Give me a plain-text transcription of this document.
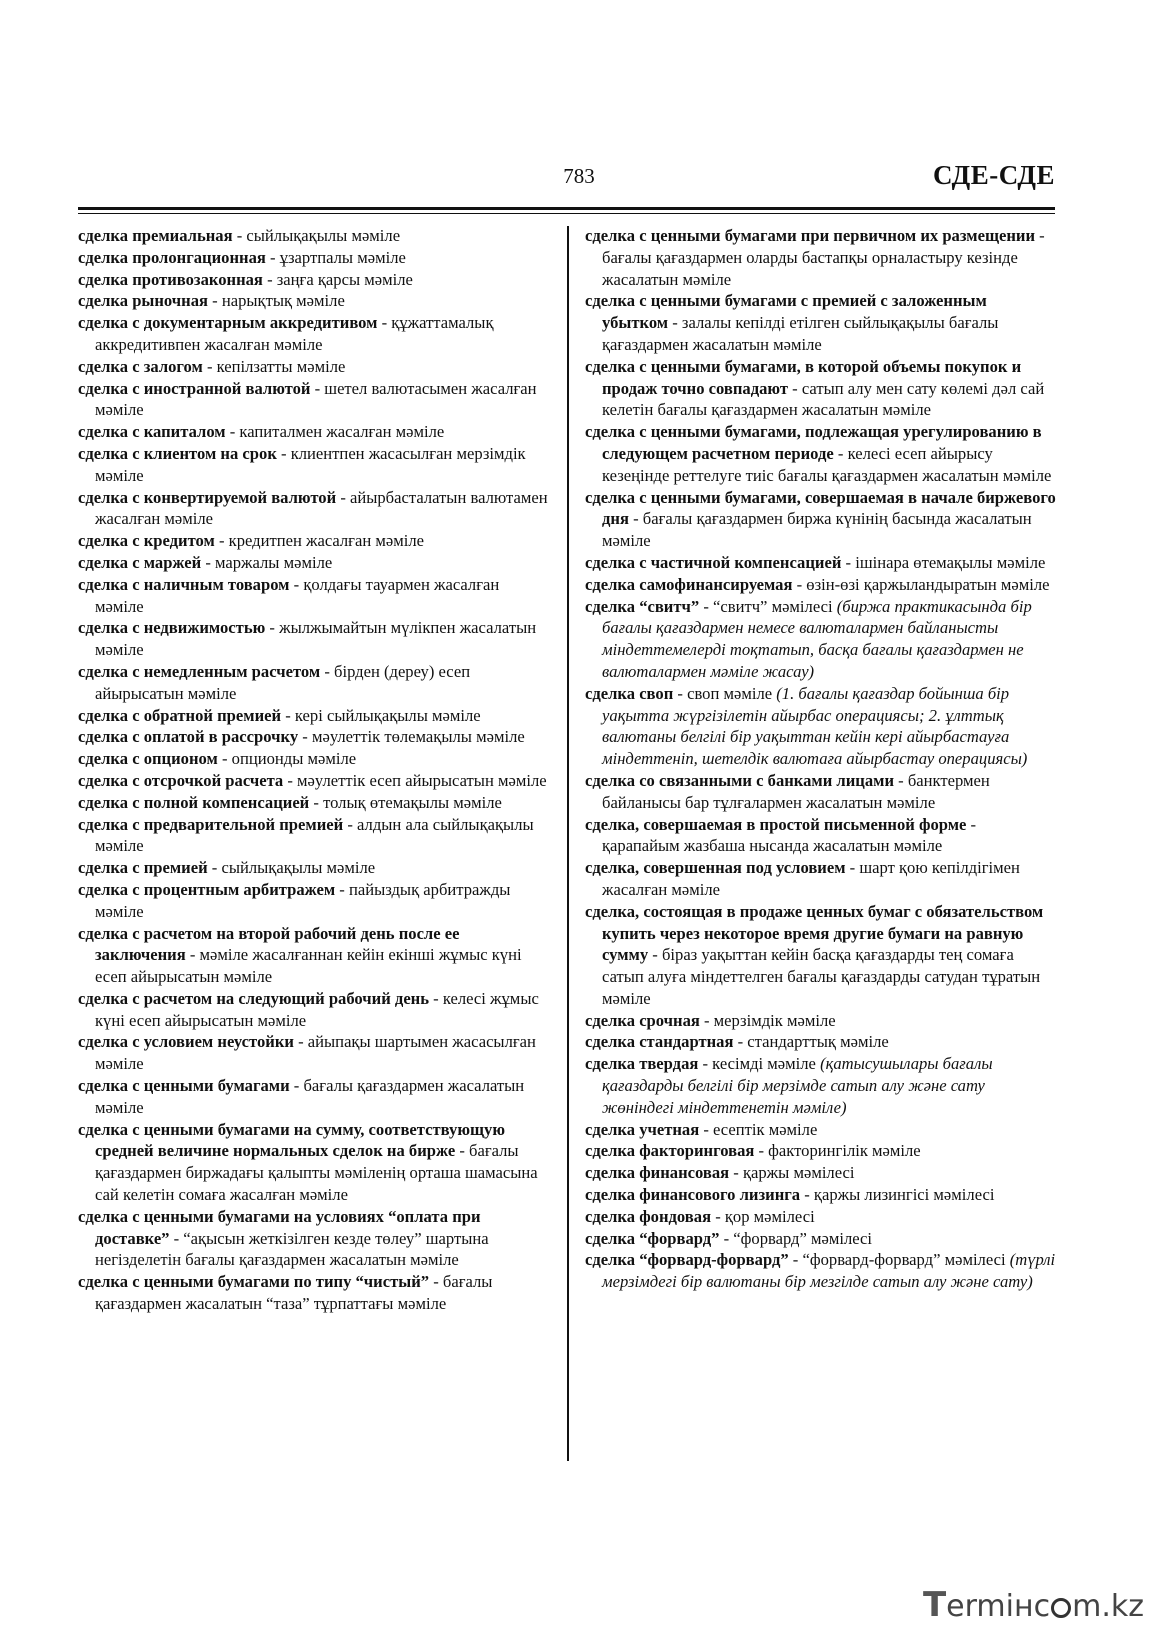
783	СДЕ-СДЕ
сделка премиальная - сыйлықақылы мәміле
сделка пролонгационная - ұзартпалы мәміле
сделка противозаконная - заңға қарсы мәміле
сделка рыночная - нарықтық мәміле
сделка с документарным аккредитивом - құжаттамалық аккредитивпен жасалған мәміле
сделка с залогом - кепілзатты мәміле
сделка с иностранной валютой - шетел валютасымен жасалған мәміле
сделка с капиталом - капиталмен жасалған мәміле
сделка с клиентом на срок - клиентпен жасасылған мерзімдік мәміле
сделка с конвертируемой валютой - айырбасталатын валютамен жасалған мәміле
сделка с кредитом - кредитпен жасалған мәміле
сделка с маржей - маржалы мәміле
сделка с наличным товаром - қолдағы тауармен жасалған мәміле
сделка с недвижимостью - жылжымайтын мүлікпен жасалатын мәміле
сделка с немедленным расчетом - бірден (дереу) есеп айырысатын мәміле
сделка с обратной премией - кері сыйлықақылы мәміле
сделка с оплатой в рассрочку - мәулеттік төлемақылы мәміле
сделка с опционом - опционды мәміле
сделка с отсрочкой расчета - мәулеттік есеп айырысатын мәміле
сделка с полной компенсацией - толық өтемақылы мәміле
сделка с предварительной премией - алдын ала сыйлықақылы мәміле
сделка с премией - сыйлықақылы мәміле
сделка с процентным арбитражем - пайыздық арбитражды мәміле
сделка с расчетом на второй рабочий день после ее заключения - мәміле жасалғаннан кейін екінші жұмыс күні есеп айырысатын мәміле
сделка с расчетом на следующий рабочий день - келесі жұмыс күні есеп айырысатын мәміле
сделка с условием неустойки - айыпақы шартымен жасасылған мәміле
сделка с ценными бумагами - бағалы қағаздармен жасалатын мәміле
сделка с ценными бумагами на сумму, соответствующую средней величине нормальных сделок на бирже - бағалы қағаздармен биржадағы қалыпты мәміленің орташа шамасына сай келетін сомаға жасалған мәміле
сделка с ценными бумагами на условиях “оплата при доставке” - “ақысын жеткізілген кезде төлеу” шартына негізделетін бағалы қағаздармен жасалатын мәміле
сделка с ценными бумагами по типу “чистый” - бағалы қағаздармен жасалатын “таза” тұрпаттағы мәміле
сделка с ценными бумагами при первичном их размещении - бағалы қағаздармен оларды бастапқы орналастыру кезінде жасалатын мәміле
сделка с ценными бумагами с премией с заложенным убытком - залалы кепілді етілген сыйлықақылы бағалы қағаздармен жасалатын мәміле
сделка с ценными бумагами, в которой объемы покупок и продаж точно совпадают - сатып алу мен сату көлемі дәл сай келетін бағалы қағаздармен жасалатын мәміле
сделка с ценными бумагами, подлежащая урегулированию в следующем расчетном периоде - келесі есеп айырысу кезеңінде реттелуге тиіс бағалы қағаздармен жасалатын мәміле
сделка с ценными бумагами, совершаемая в начале биржевого дня - бағалы қағаздармен биржа күнінің басында жасалатын мәміле
сделка с частичной компенсацией - ішінара өтемақылы мәміле
сделка самофинансируемая - өзін-өзі қаржыландыратын мәміле
сделка “свитч” - “свитч” мәмілесі (биржа практикасында бір бағалы қағаздармен немесе валюталармен байланысты міндеттемелерді тоқтатып, басқа бағалы қағаздармен не валюталармен мәміле жасау)
сделка своп - своп мәміле (1. бағалы қағаздар бойынша бір уақытта жүргізілетін айырбас операциясы; 2. ұлттық валютаны белгілі бір уақыттан кейін кері айырбастауға міндеттеніп, шетелдік валютаға айырбастау операциясы)
сделка со связанными с банками лицами - банктермен байланысы бар тұлғалармен жасалатын мәміле
сделка, совершаемая в простой письменной форме - қарапайым жазбаша нысанда жасалатын мәміле
сделка, совершенная под условием - шарт қою кепілдігімен жасалған мәміле
сделка, состоящая в продаже ценных бумаг с обязательством купить через некоторое время другие бумаги на равную сумму - біраз уақыттан кейін басқа қағаздарды тең сомаға сатып алуға міндеттелген бағалы қағаздарды сатудан тұратын мәміле
сделка срочная - мерзімдік мәміле
сделка стандартная - стандарттық мәміле
сделка твердая - кесімді мәміле (қатысушылары бағалы қағаздарды белгілі бір мерзімде сатып алу және сату жөніндегі міндеттенетін мәміле)
сделка учетная - есептік мәміле
сделка факторинговая - факторингілік мәміле
сделка финансовая - қаржы мәмілесі
сделка финансового лизинга - қаржы лизингісі мәмілесі
сделка фондовая - қор мәмілесі
сделка “форвард” - “форвард” мәмілесі
сделка “форвард-форвард” - “форвард-форвард” мәмілесі (түрлі мерзімдегі бір валютаны бір мезгілде сатып алу және сату)
T ermінc m.kz
